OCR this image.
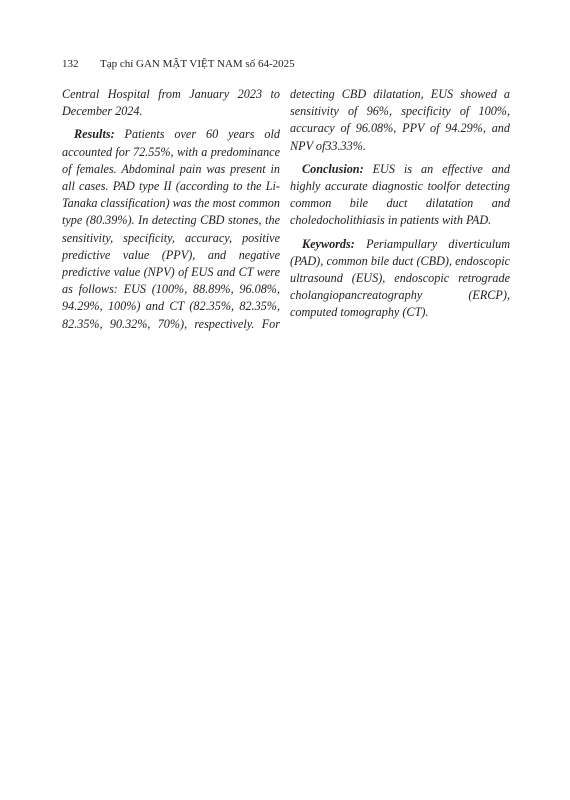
132 Tạp chí GAN MẬT VIỆT NAM số 64-2025

Central Hospital from January 2023 to December 2024.

Results: Patients over 60 years old accounted for 72.55%, with a predominance of females. Abdominal pain was present in all cases. PAD type II (according to the Li-Tanaka classification) was the most common type (80.39%). In detecting CBD stones, the sensitivity, specificity, accuracy, positive predictive value (PPV), and negative predictive value (NPV) of EUS and CT were as follows: EUS (100%, 88.89%, 96.08%, 94.29%, 100%) and CT (82.35%, 82.35%, 82.35%, 90.32%, 70%), respectively. For

detecting CBD dilatation, EUS showed a sensitivity of 96%, specificity of 100%, accuracy of 96.08%, PPV of 94.29%, and NPV of33.33%.

Conclusion: EUS is an effective and highly accurate diagnostic toolfor detecting common bile duct dilatation and choledocholithiasis in patients with PAD.

Keywords: Periampullary diverticulum (PAD), common bile duct (CBD), endoscopic ultrasound (EUS), endoscopic retrograde cholangiopancreatography (ERCP), computed tomography (CT).
